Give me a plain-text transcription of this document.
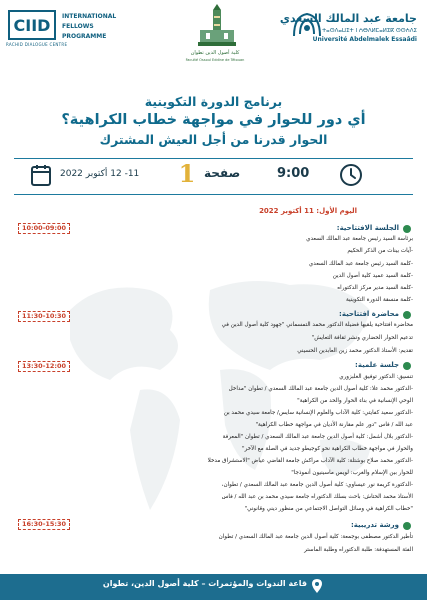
CIID
RACHID DIALOGUE CENTRE
INTERNATIONAL
FELLOWS
PROGRAMME
كلية أصول الدين تطوان
Faculté Ossoul Eddine de Tétouan
جامعة عبد المالك السعدي
ⵜⴰⵙⴷⴰⵡⵉⵜ ⵏ ⵄⴱⴷⵍⵎⴰⵍⵉⴽ ⵙⵙⵄⴷⵉ
Université Abdelmalek Essaâdi
برنامج الدورة التكوينية
أي دور للحوار في مواجهة خطاب الكراهية؟
الحوار قدرنا من أجل العيش المشترك
9:00
صفحة
1
11- 12 أكتوبر 2022
اليوم الأول: 11 أكتوبر 2022
الجلسة الافتتاحية:
10:00-09:00
برئاسة السيد رئيس جامعة عبد المالك السعدي
-آيات بينات من الذكر الحكيم
-كلمة السيد رئيس جامعة عبد المالك السعدي
-كلمة السيد عميد كلية أصول الدين
-كلمة السيد مدير مركز الدكتوراه
-كلمة منسقة الدورة التكوينية
محاضرة افتتاحية:
11:30-10:30
محاضرة افتتاحية يلقيها فضيلة الدكتور محمد التمسماني "جهود كلية أصول الدين في
تدعيم الحوار الحضاري ونشر ثقافة التعايش"
تقديم: الأستاذ الدكتور محمد زين العابدين الحسيني
جلسة علمية:
13:30-12:00
تنسيق: الدكتور توفيق الغلبزوري
-الدكتور محمد علا: كلية أصول الدين جامعة عبد المالك السعدي / تطوان "مداخل
الوحي الإنسانية في بناء الحوار والحد من الكراهية"
-الدكتور سعيد كفايتي: كلية الآداب والعلوم الإنسانية سايس/ جامعة سيدي محمد بن
عبد الله / فاس "دور علم مقارنة الأديان في مواجهة خطاب الكراهية"
-الدكتور بلال أشمل: كلية أصول الدين جامعة عبد المالك السعدي / تطوان "المعرفة
والحوار في مواجهة خطاب الكراهية نحو كوجيطو جديد في الصلة مع الآخر"
-الدكتور محمد صلاح بوشتلة: كلية الآداب مراكش جامعة القاضي عياض "الاستشراق مدخلا
للحوار بين الإسلام والغرب: لويس ماسينيون أنموذجا"
-الدكتورة كريمة نور عيساوي: كلية أصول الدين جامعة عبد المالك السعدي / تطوان،
الأستاذ محمد الحتاش: باحث بسلك الدكتوراه جامعة سيدي محمد بن عبد الله / فاس
"خطاب الكراهية في وسائل التواصل الاجتماعي من منظور ديني وقانوني"
ورشة تدريبية:
16:30-15:30
تأطير الدكتور مصطفى بوجمعة: كلية أصول الدين جامعة عبد المالك السعدي / تطوان
الفئة المستهدفة: طلبة الدكتوراه وطلبة الماستر
قاعة الندوات والمؤتمرات – كلية أصول الدين، تطوان
